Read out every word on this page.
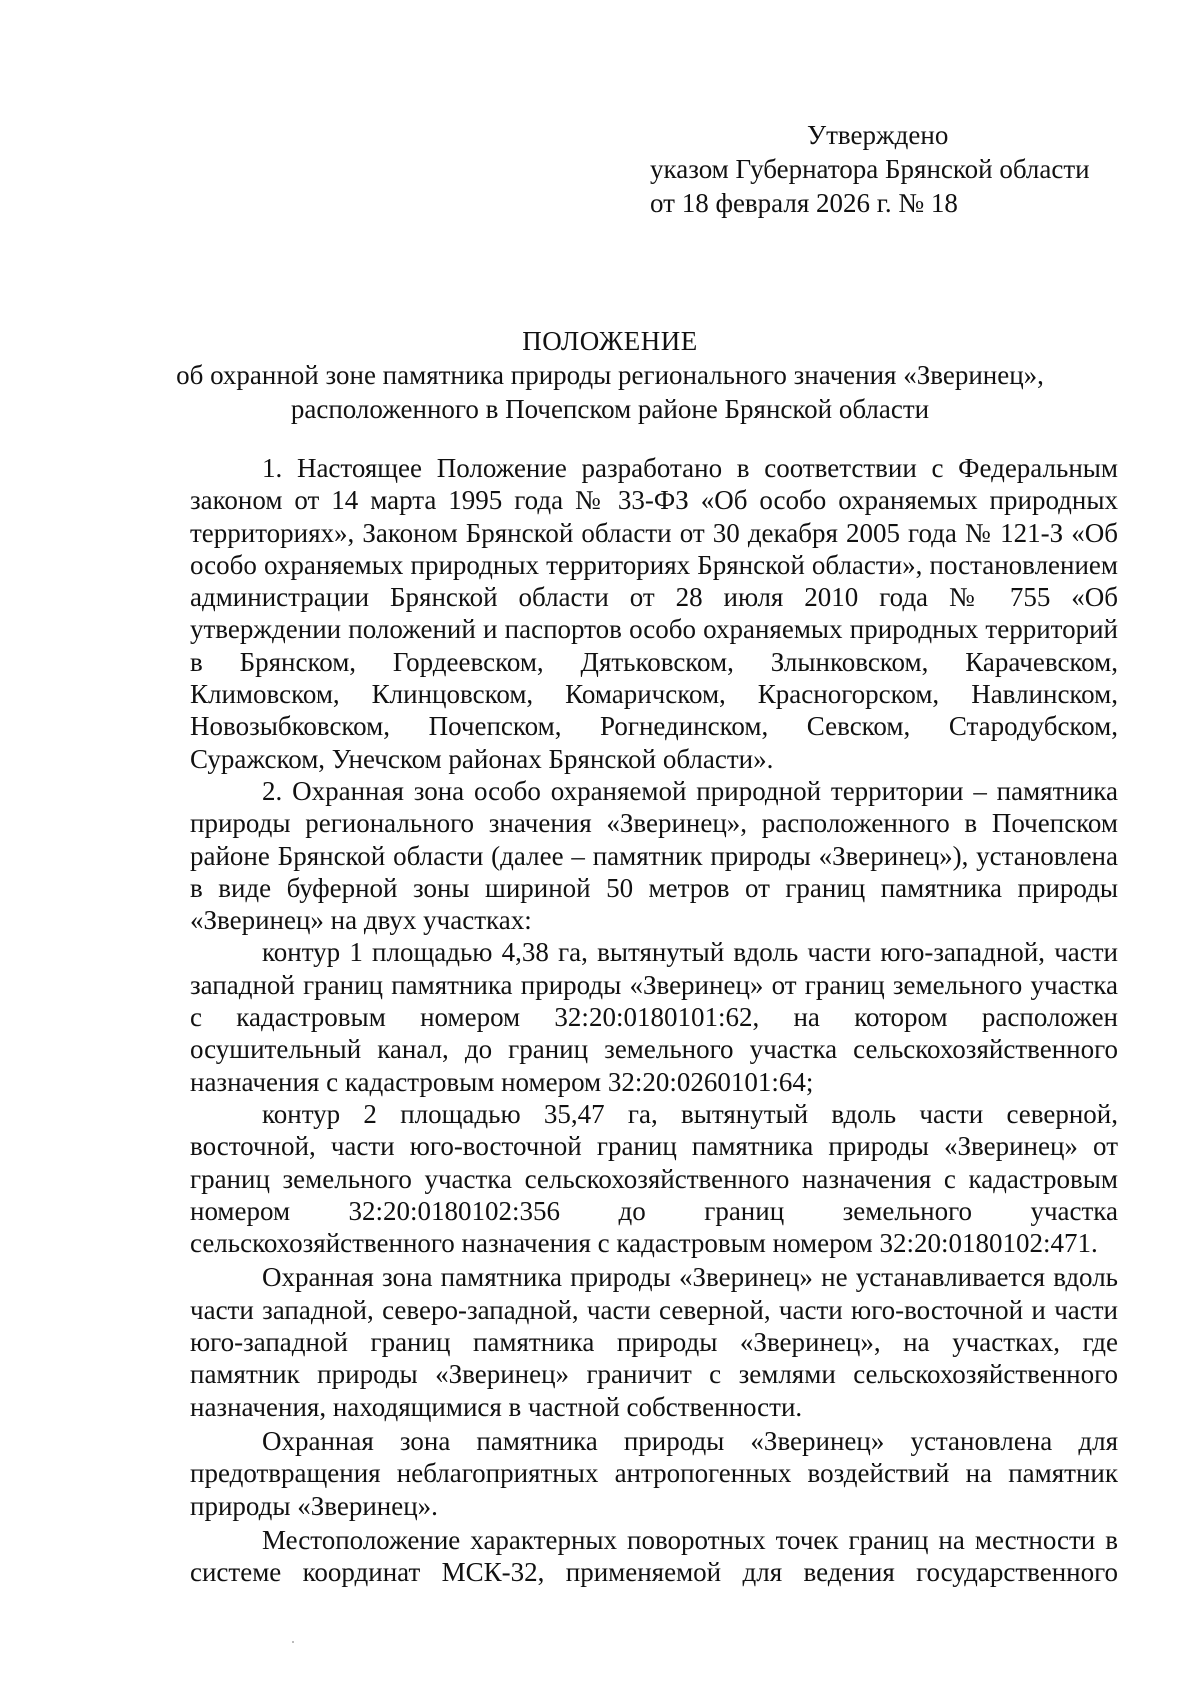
Утверждено
указом Губернатора Брянской области
от 18 февраля 2026 г. № 18
ПОЛОЖЕНИЕ
об охранной зоне памятника природы регионального значения «Зверинец»,
расположенного в Почепском районе Брянской области

1. Настоящее Положение разработано в соответствии с Федеральным законом от 14 марта 1995 года № 33-ФЗ «Об особо охраняемых природных территориях», Законом Брянской области от 30 декабря 2005 года № 121-З «Об особо охраняемых природных территориях Брянской области», постановлением администрации Брянской области от 28 июля 2010 года № 755 «Об утверждении положений и паспортов особо охраняемых природных территорий в Брянском, Гордеевском, Дятьковском, Злынковском, Карачевском, Климовском, Клинцовском, Комаричском, Красногорском, Навлинском, Новозыбковском, Почепском, Рогнединском, Севском, Стародубском, Суражском, Унечском районах Брянской области».

2. Охранная зона особо охраняемой природной территории – памятника природы регионального значения «Зверинец», расположенного в Почепском районе Брянской области (далее – памятник природы «Зверинец»), установлена в виде буферной зоны шириной 50 метров от границ памятника природы «Зверинец» на двух участках:

контур 1 площадью 4,38 га, вытянутый вдоль части юго-западной, части западной границ памятника природы «Зверинец» от границ земельного участка с кадастровым номером 32:20:0180101:62, на котором расположен осушительный канал, до границ земельного участка сельскохозяйственного назначения с кадастровым номером 32:20:0260101:64;

контур 2 площадью 35,47 га, вытянутый вдоль части северной, восточной, части юго-восточной границ памятника природы «Зверинец» от границ земельного участка сельскохозяйственного назначения с кадастровым номером 32:20:0180102:356 до границ земельного участка сельскохозяйственного назначения с кадастровым номером 32:20:0180102:471.

Охранная зона памятника природы «Зверинец» не устанавливается вдоль части западной, северо-западной, части северной, части юго-восточной и части юго-западной границ памятника природы «Зверинец», на участках, где памятник природы «Зверинец» граничит с землями сельскохозяйственного назначения, находящимися в частной собственности.

Охранная зона памятника природы «Зверинец» установлена для предотвращения неблагоприятных антропогенных воздействий на памятник природы «Зверинец».

Местоположение характерных поворотных точек границ на местности в системе координат МСК-32, применяемой для ведения государственного
